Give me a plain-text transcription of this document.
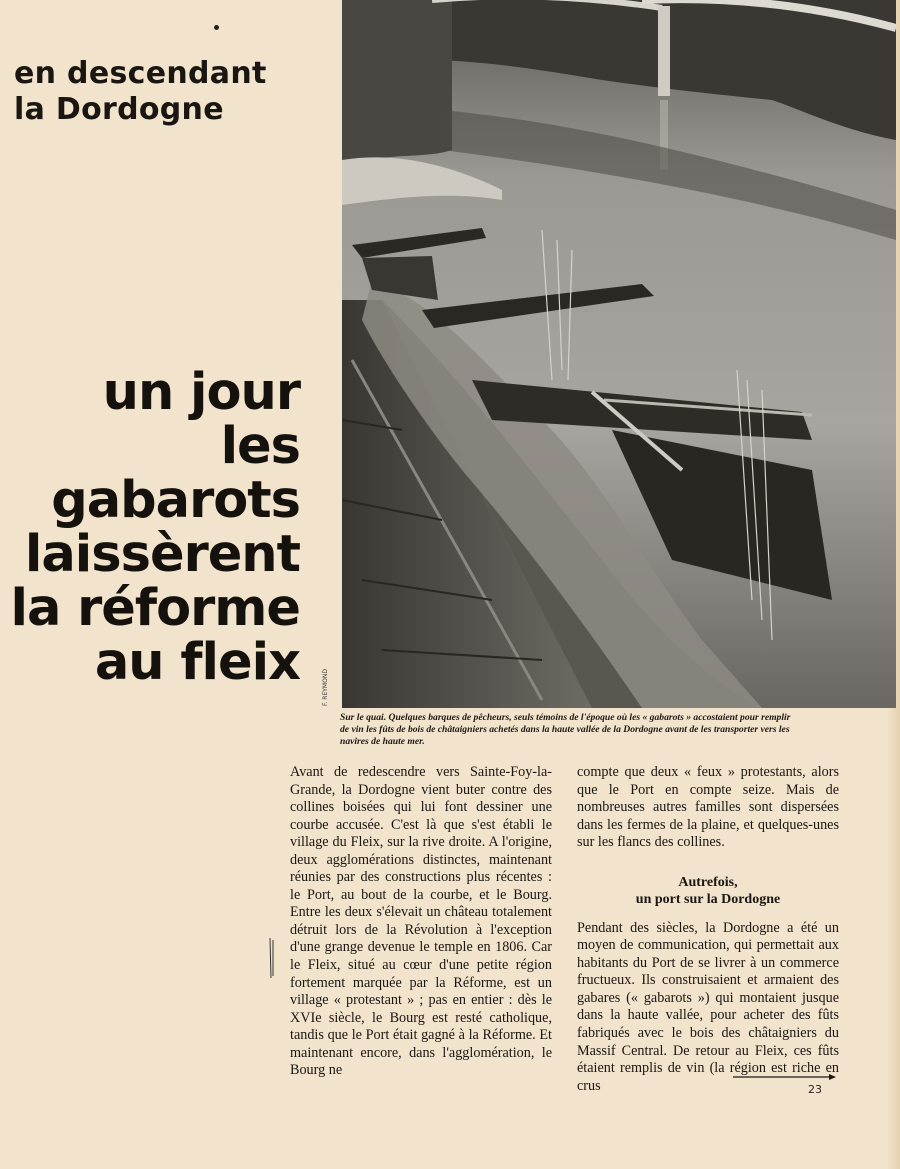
en descendant
la Dordogne
un jour
les
gabarots
laissèrent
la réforme
au fleix	F. REYMOND

Sur le quai. Quelques barques de pêcheurs, seuls témoins de l'époque où les « gabarots » accostaient pour remplir de vin les fûts de bois de châtaigniers achetés dans la haute vallée de la Dordogne avant de les transporter vers les navires de haute mer.

Avant de redescendre vers Sainte-Foy-la-Grande, la Dordogne vient buter contre des collines boisées qui lui font dessiner une courbe accusée. C'est là que s'est établi le village du Fleix, sur la rive droite. A l'origine, deux agglomérations distinctes, maintenant réunies par des constructions plus récentes : le Port, au bout de la courbe, et le Bourg. Entre les deux s'élevait un château totalement détruit lors de la Révolution à l'exception d'une grange devenue le temple en 1806. Car le Fleix, situé au cœur d'une petite région fortement marquée par la Réforme, est un village « protestant » ; pas en entier : dès le XVIe siècle, le Bourg est resté catholique, tandis que le Port était gagné à la Réforme. Et maintenant encore, dans l'agglomération, le Bourg ne

compte que deux « feux » protestants, alors que le Port en compte seize. Mais de nombreuses autres familles sont dispersées dans les fermes de la plaine, et quelques-unes sur les flancs des collines.

Autrefois,
un port sur la Dordogne

Pendant des siècles, la Dordogne a été un moyen de communication, qui permettait aux habitants du Port de se livrer à un commerce fructueux. Ils construisaient et armaient des gabares (« gabarots ») qui montaient jusque dans la haute vallée, pour acheter des fûts fabriqués avec le bois des châtaigniers du Massif Central. De retour au Fleix, ces fûts étaient remplis de vin (la région est riche en crus	23
